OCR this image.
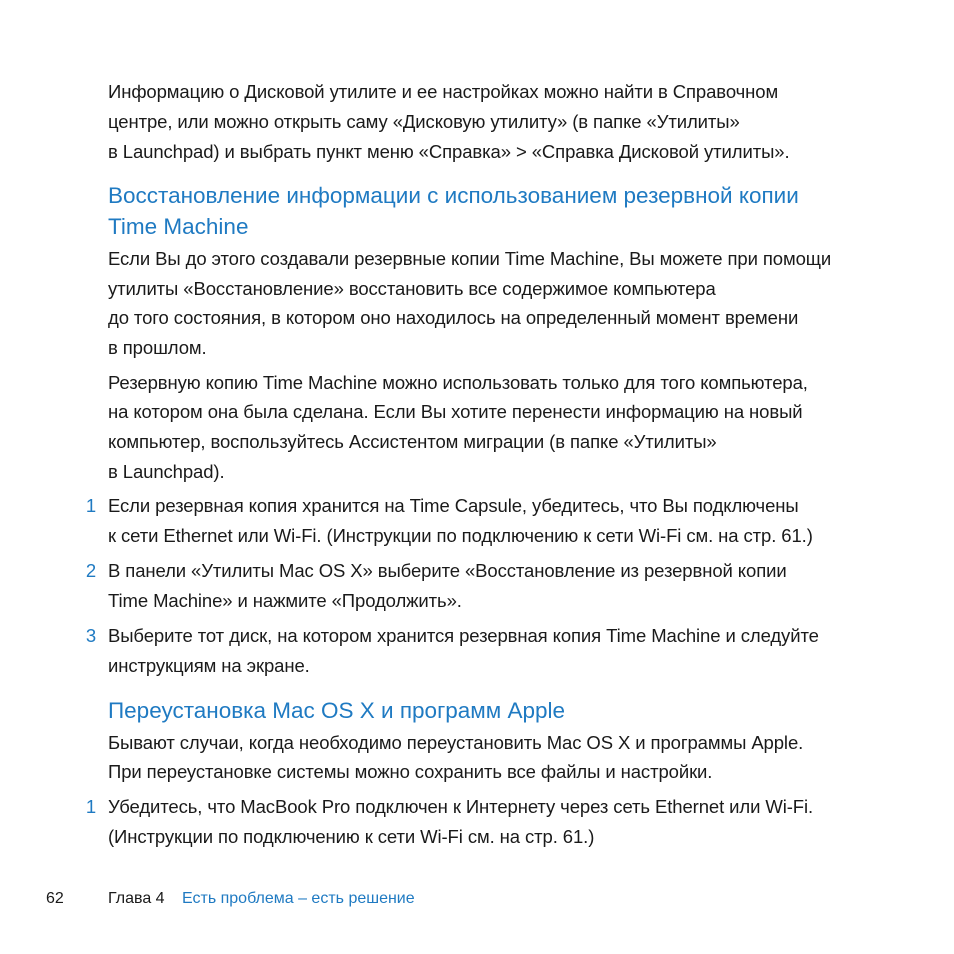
Информацию о Дисковой утилите и ее настройках можно найти в Справочном
центре, или можно открыть саму «Дисковую утилиту» (в папке «Утилиты»
в Launchpad) и выбрать пункт меню «Справка» > «Справка Дисковой утилиты».
Восстановление информации с использованием резервной копии
Time Machine
Если Вы до этого создавали резервные копии Time Machine, Вы можете при помощи
утилиты «Восстановление» восстановить все содержимое компьютера
до того состояния, в котором оно находилось на определенный момент времени
в прошлом.
Резервную копию Time Machine можно использовать только для того компьютера,
на котором она была сделана. Если Вы хотите перенести информацию на новый
компьютер, воспользуйтесь Ассистентом миграции (в папке «Утилиты»
в Launchpad).
1 Если резервная копия хранится на Time Capsule, убедитесь, что Вы подключены
к сети Ethernet или Wi-Fi. (Инструкции по подключению к сети Wi-Fi см. на стр. 61.)
2 В панели «Утилиты Mac OS X» выберите «Восстановление из резервной копии
Time Machine» и нажмите «Продолжить».
3 Выберите тот диск, на котором хранится резервная копия Time Machine и следуйте
инструкциям на экране.
Переустановка Mac OS X и программ Apple
Бывают случаи, когда необходимо переустановить Mac OS X и программы Apple.
При переустановке системы можно сохранить все файлы и настройки.
1 Убедитесь, что MacBook Pro подключен к Интернету через сеть Ethernet или Wi-Fi.
(Инструкции по подключению к сети Wi-Fi см. на стр. 61.)
62	Глава 4 Есть проблема – есть решение
